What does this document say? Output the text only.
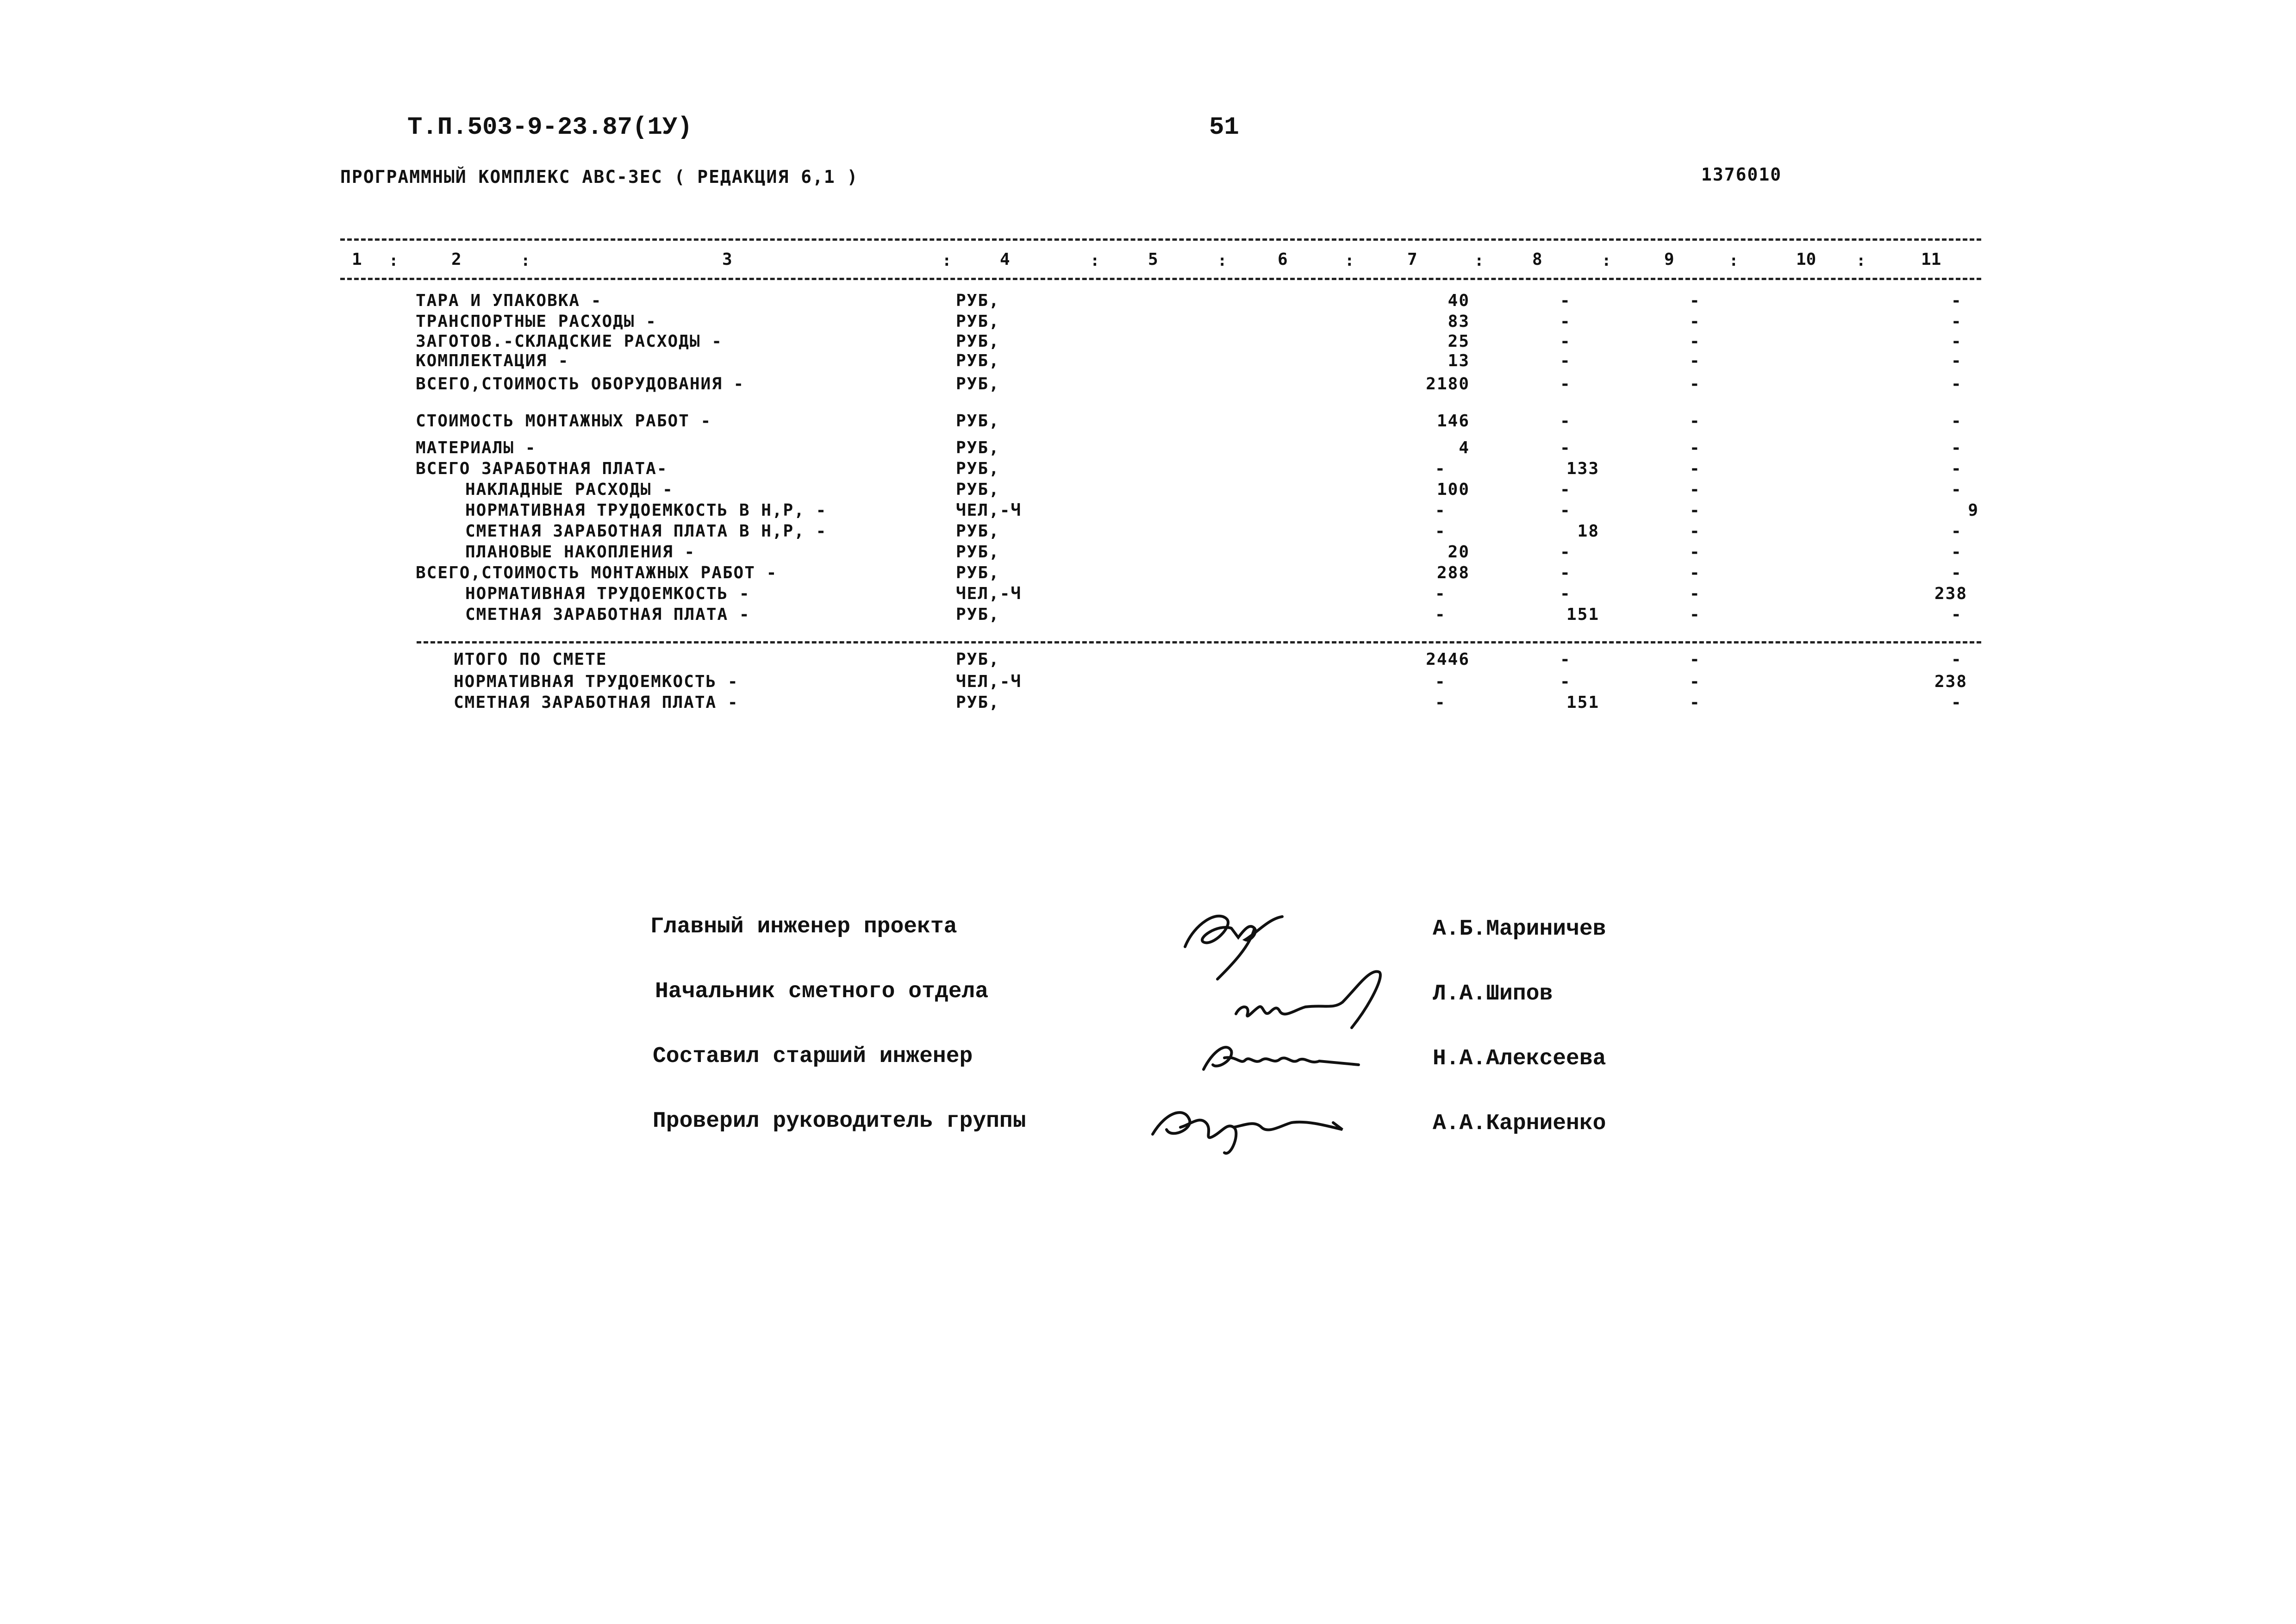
Т.П.503-9-23.87(1У)	51
ПРОГРАММНЫЙ КОМПЛЕКС АВС-3ЕС ( РЕДАКЦИЯ 6,1 )	1376010
1	2	3	4	5	6	7	8	9	10	11
:	:	:	:	:	:	:	:	:	:
ТАРА И УПАКОВКА -	РУБ,	40	-	-	-
ТРАНСПОРТНЫЕ РАСХОДЫ -	РУБ,	83	-	-	-
ЗАГОТОВ.-СКЛАДСКИЕ РАСХОДЫ -	РУБ,	25	-	-	-
КОМПЛЕКТАЦИЯ -	РУБ,	13	-	-	-
ВСЕГО,СТОИМОСТЬ ОБОРУДОВАНИЯ -	РУБ,	2180	-	-	-
СТОИМОСТЬ МОНТАЖНЫХ РАБОТ -	РУБ,	146	-	-	-
МАТЕРИАЛЫ -	РУБ,	4	-	-	-
ВСЕГО ЗАРАБОТНАЯ ПЛАТА-	РУБ,	-	133	-	-
НАКЛАДНЫЕ РАСХОДЫ -	РУБ,	100	-	-	-
НОРМАТИВНАЯ ТРУДОЕМКОСТЬ В Н,Р, -	ЧЕЛ,-Ч	-	-	-	9
СМЕТНАЯ ЗАРАБОТНАЯ ПЛАТА В Н,Р, -	РУБ,	-	18	-	-
ПЛАНОВЫЕ НАКОПЛЕНИЯ -	РУБ,	20	-	-	-
ВСЕГО,СТОИМОСТЬ МОНТАЖНЫХ РАБОТ -	РУБ,	288	-	-	-
НОРМАТИВНАЯ ТРУДОЕМКОСТЬ -	ЧЕЛ,-Ч	-	-	-	238
СМЕТНАЯ ЗАРАБОТНАЯ ПЛАТА -	РУБ,	-	151	-	-
ИТОГО ПО СМЕТЕ	РУБ,	2446	-	-	-
НОРМАТИВНАЯ ТРУДОЕМКОСТЬ -	ЧЕЛ,-Ч	-	-	-	238
СМЕТНАЯ ЗАРАБОТНАЯ ПЛАТА -	РУБ,	-	151	-	-
Главный инженер проекта	А.Б.Мариничев
Начальник сметного отдела	Л.А.Шипов
Составил старший инженер	Н.А.Алексеева
Проверил руководитель группы	А.А.Карниенко
